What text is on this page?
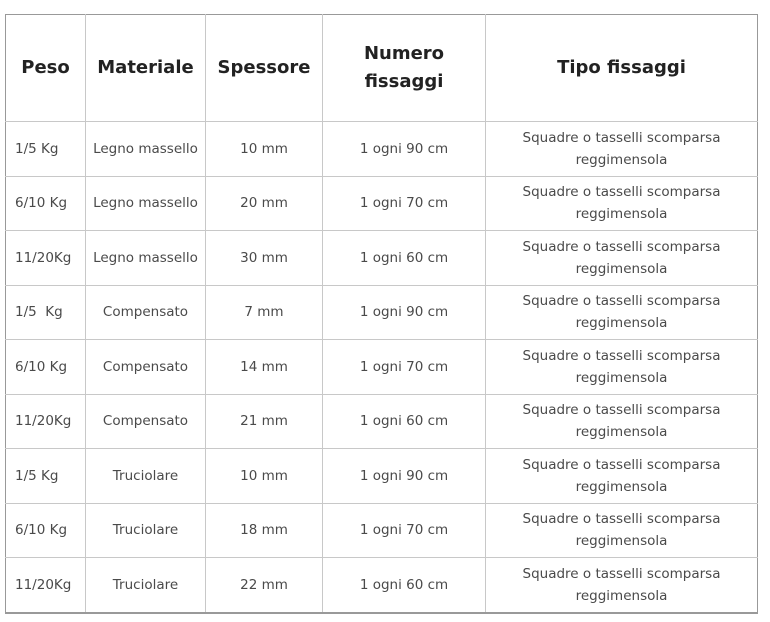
Peso	Materiale	Spessore	Numero fissaggi	Tipo fissaggi
1/5 Kg	Legno massello	10 mm	1 ogni 90 cm	Squadre o tasselli scomparsa reggimensola
6/10 Kg	Legno massello	20 mm	1 ogni 70 cm	Squadre o tasselli scomparsa reggimensola
11/20Kg	Legno massello	30 mm	1 ogni 60 cm	Squadre o tasselli scomparsa reggimensola
1/5  Kg	Compensato	7 mm	1 ogni 90 cm	Squadre o tasselli scomparsa reggimensola
6/10 Kg	Compensato	14 mm	1 ogni 70 cm	Squadre o tasselli scomparsa reggimensola
11/20Kg	Compensato	21 mm	1 ogni 60 cm	Squadre o tasselli scomparsa reggimensola
1/5 Kg	Truciolare	10 mm	1 ogni 90 cm	Squadre o tasselli scomparsa reggimensola
6/10 Kg	Truciolare	18 mm	1 ogni 70 cm	Squadre o tasselli scomparsa reggimensola
11/20Kg	Truciolare	22 mm	1 ogni 60 cm	Squadre o tasselli scomparsa reggimensola
